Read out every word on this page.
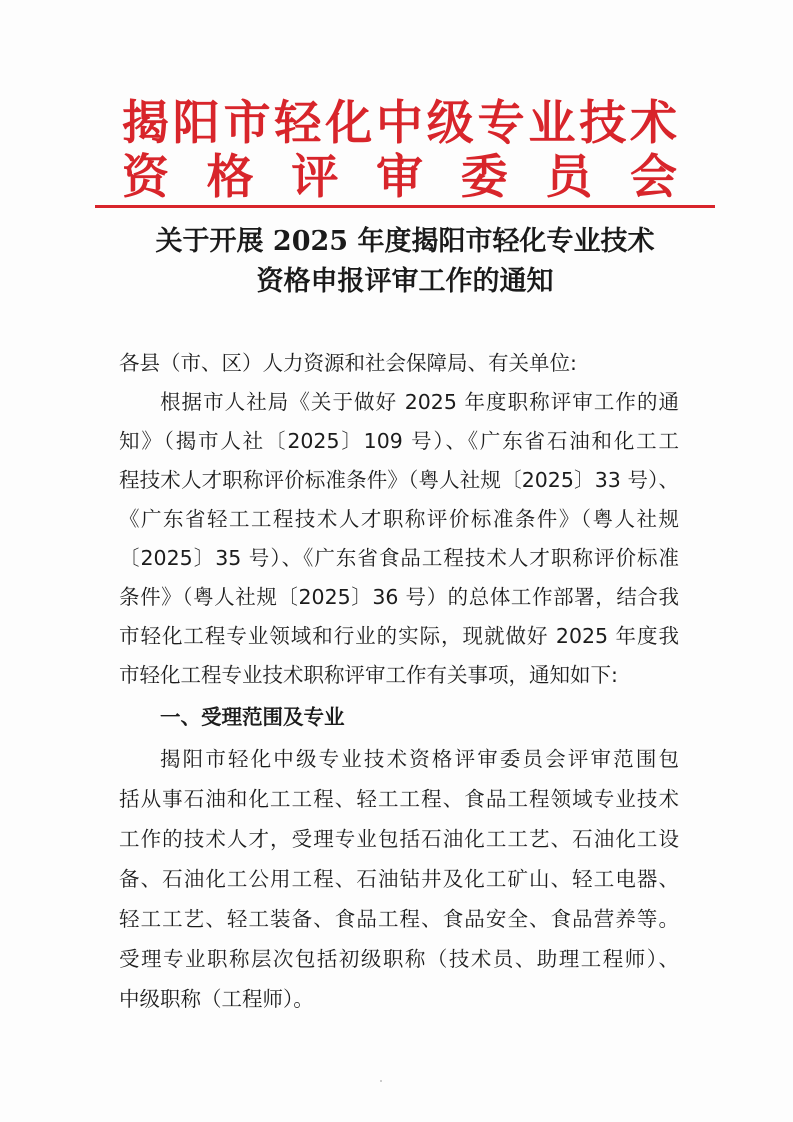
揭阳市轻化中级专业技术
资格评审委员会
关于开展 2025 年度揭阳市轻化专业技术
资格申报评审工作的通知
各县（市、区）人力资源和社会保障局、有关单位:
根据市人社局《关于做好 2025 年度职称评审工作的通
知》（揭市人社〔2025〕109 号）、《广东省石油和化工工
程技术人才职称评价标准条件》（粤人社规〔2025〕33 号）、
《广东省轻工工程技术人才职称评价标准条件》（粤人社规
〔2025〕35 号）、《广东省食品工程技术人才职称评价标准
条件》（粤人社规〔2025〕36 号）的总体工作部署，结合我
市轻化工程专业领域和行业的实际，现就做好 2025 年度我
市轻化工程专业技术职称评审工作有关事项，通知如下:
一、受理范围及专业
揭阳市轻化中级专业技术资格评审委员会评审范围包
括从事石油和化工工程、轻工工程、食品工程领域专业技术
工作的技术人才，受理专业包括石油化工工艺、石油化工设
备、石油化工公用工程、石油钻井及化工矿山、轻工电器、
轻工工艺、轻工装备、食品工程、食品安全、食品营养等。
受理专业职称层次包括初级职称（技术员、助理工程师）、
中级职称（工程师）。
